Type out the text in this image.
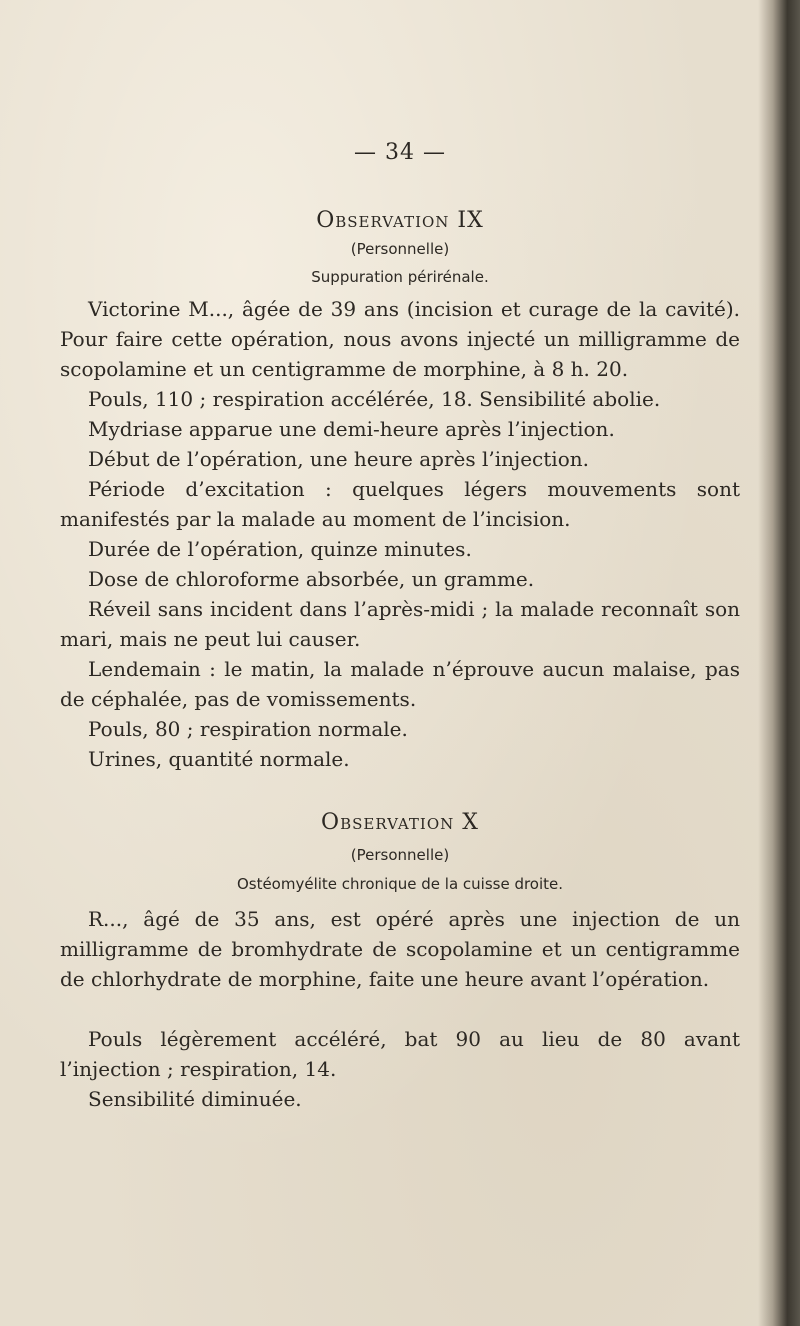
— 34 —
Observation IX
(Personnelle)
Suppuration périrénale.

Victorine M..., âgée de 39 ans (incision et curage de la cavité). Pour faire cette opération, nous avons injecté un milligramme de scopolamine et un centigramme de morphine, à 8 h. 20.

Pouls, 110 ; respiration accélérée, 18. Sensibilité abolie.

Mydriase apparue une demi-heure après l’injection.

Début de l’opération, une heure après l’injection.

Période d’excitation : quelques légers mouvements sont manifestés par la malade au moment de l’incision.

Durée de l’opération, quinze minutes.

Dose de chloroforme absorbée, un gramme.

Réveil sans incident dans l’après-midi ; la malade reconnaît son mari, mais ne peut lui causer.

Lendemain : le matin, la malade n’éprouve aucun malaise, pas de céphalée, pas de vomissements.

Pouls, 80 ; respiration normale.

Urines, quantité normale.

Observation X
(Personnelle)
Ostéomyélite chronique de la cuisse droite.

R..., âgé de 35 ans, est opéré après une injection de un milligramme de bromhydrate de scopolamine et un centigramme de chlorhydrate de morphine, faite une heure avant l’opération.

Pouls légèrement accéléré, bat 90 au lieu de 80 avant l’injection ; respiration, 14.

Sensibilité diminuée.
